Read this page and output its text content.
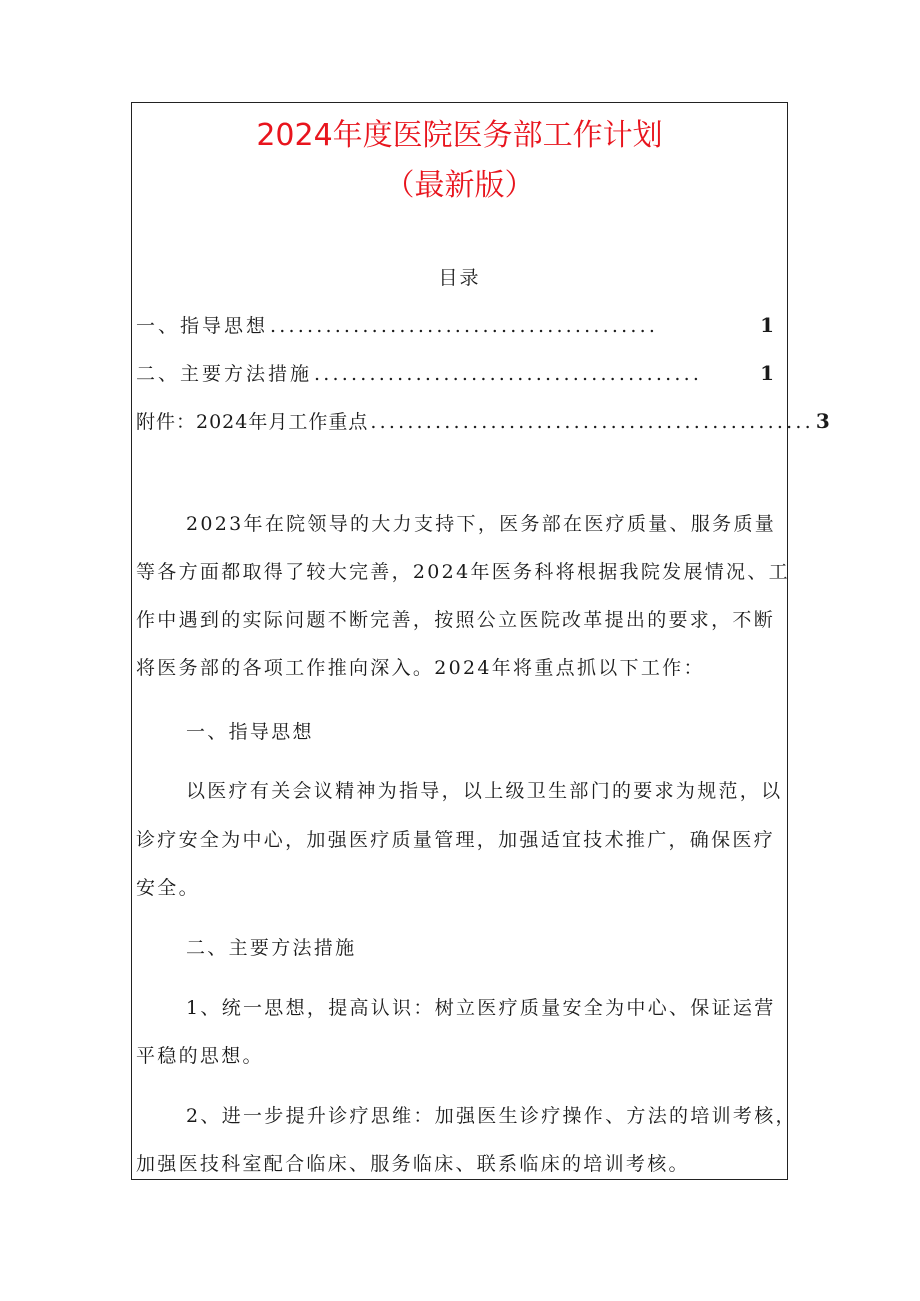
2024年度医院医务部工作计划
（最新版）
目录
一、指导思想 ..........................................	1
二、主要方法措施 ..........................................	1
附件：2024年月工作重点 ................................................ 3
2023年在院领导的大力支持下，医务部在医疗质量、服务质量
等各方面都取得了较大完善，2024年医务科将根据我院发展情况、工
作中遇到的实际问题不断完善，按照公立医院改革提出的要求，不断
将医务部的各项工作推向深入。2024年将重点抓以下工作：
一、指导思想
以医疗有关会议精神为指导，以上级卫生部门的要求为规范，以
诊疗安全为中心，加强医疗质量管理，加强适宜技术推广，确保医疗
安全。
二、主要方法措施
1、统一思想，提高认识：树立医疗质量安全为中心、保证运营
平稳的思想。
2、进一步提升诊疗思维：加强医生诊疗操作、方法的培训考核，
加强医技科室配合临床、服务临床、联系临床的培训考核。
